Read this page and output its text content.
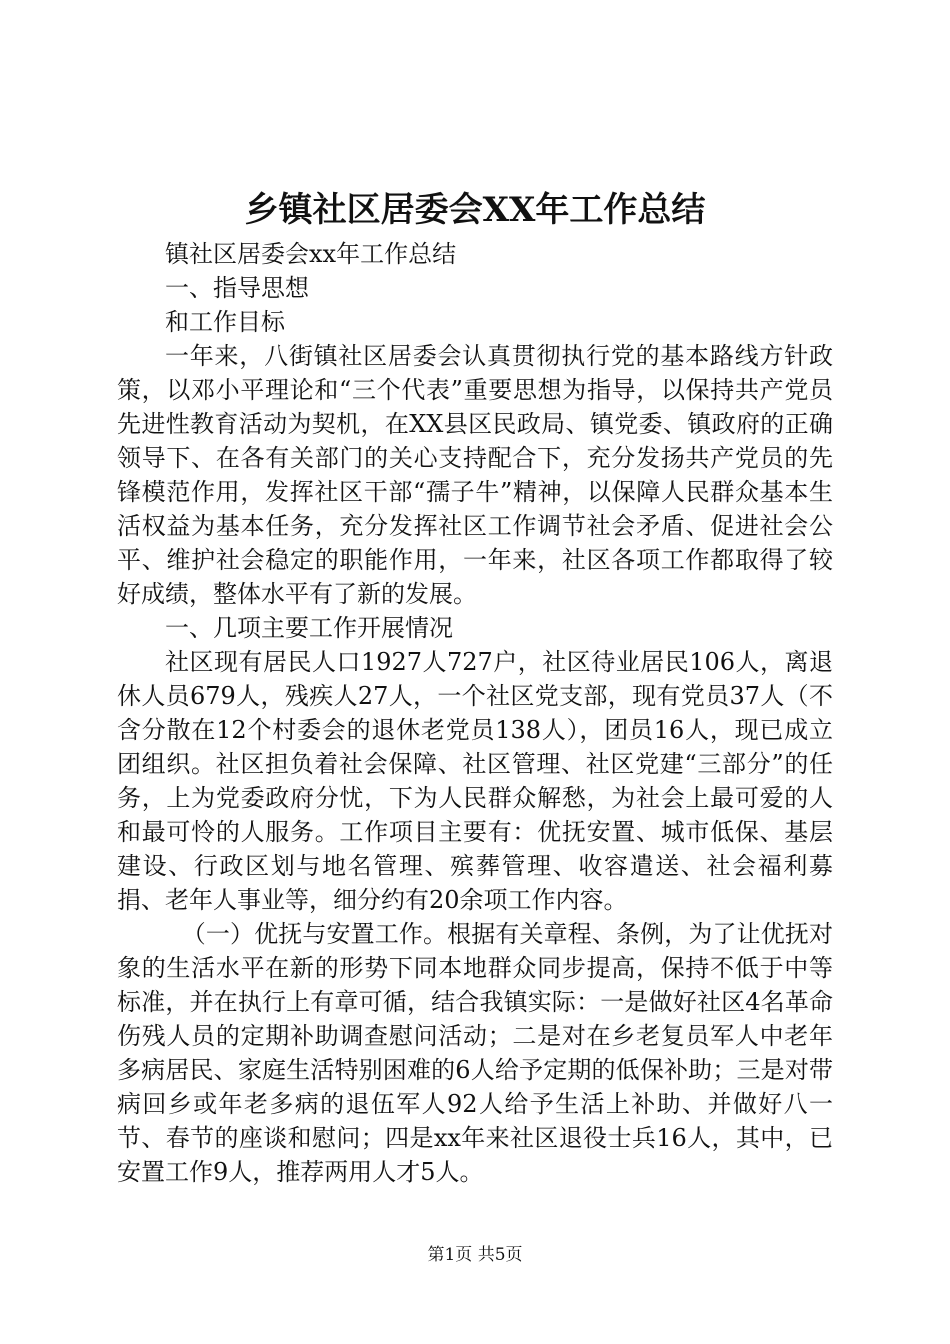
乡镇社区居委会XX年工作总结

镇社区居委会xx年工作总结

一、指导思想

和工作目标

一年来，八街镇社区居委会认真贯彻执行党的基本路线方针政策，以邓小平理论和“三个代表”重要思想为指导，以保持共产党员先进性教育活动为契机，在XX县区民政局、镇党委、镇政府的正确领导下、在各有关部门的关心支持配合下，充分发扬共产党员的先锋模范作用，发挥社区干部“孺子牛”精神，以保障人民群众基本生活权益为基本任务，充分发挥社区工作调节社会矛盾、促进社会公平、维护社会稳定的职能作用，一年来，社区各项工作都取得了较好成绩，整体水平有了新的发展。

一、几项主要工作开展情况

社区现有居民人口1927人727户，社区待业居民106人，离退休人员679人，残疾人27人，一个社区党支部，现有党员37人（不含分散在12个村委会的退休老党员138人），团员16人，现已成立团组织。社区担负着社会保障、社区管理、社区党建“三部分”的任务，上为党委政府分忧，下为人民群众解愁，为社会上最可爱的人和最可怜的人服务。工作项目主要有：优抚安置、城市低保、基层建设、行政区划与地名管理、殡葬管理、收容遣送、社会福利募捐、老年人事业等，细分约有20余项工作内容。

（一）优抚与安置工作。根据有关章程、条例，为了让优抚对象的生活水平在新的形势下同本地群众同步提高，保持不低于中等标准，并在执行上有章可循，结合我镇实际：一是做好社区4名革命伤残人员的定期补助调查慰问活动；二是对在乡老复员军人中老年多病居民、家庭生活特别困难的6人给予定期的低保补助；三是对带病回乡或年老多病的退伍军人92人给予生活上补助、并做好八一节、春节的座谈和慰问；四是xx年来社区退役士兵16人，其中，已安置工作9人，推荐两用人才5人。

第1页 共5页
